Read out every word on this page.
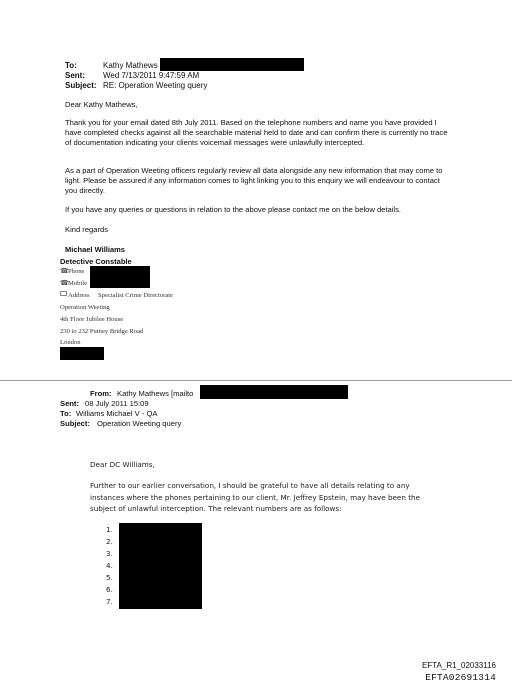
To:	Kathy Mathews
Sent: Wed 7/13/2011 9:47:59 AM
Subject: RE: Operation Weeting query

Dear Kathy Mathews,

Thank you for your email dated 8th July 2011. Based on the telephone numbers and name you have provided I have completed checks against all the searchable material held to date and can confirm there is currently no trace of documentation indicating your clients voicemail messages were unlawfully intercepted.

As a part of Operation Weeting officers regularly review all data alongside any new information that may come to light. Please be assured if any information comes to light linking you to this enquiry we will endeavour to contact you directly.

If you have any queries or questions in relation to the above please contact me on the below details.

Kind regards

Michael Williams
Detective Constable
☎ Phone
☎ Mobile
Address Specialist Crime Directorate
Operation Weeting
4th Floor Jubilee House
230 to 232 Putney Bridge Road
London
From: Kathy Mathews [mailto
Sent: 08 July 2011 15:09
To: Williams Michael V - QA
Subject: Operation Weeting query

Dear DC Williams,

Further to our earlier conversation, I should be grateful to have all details relating to any instances where the phones pertaining to our client, Mr. Jeffrey Epstein, may have been the subject of unlawful interception. The relevant numbers are as follows:

1.
2.
3.
4.
5.
6.
7.
EFTA_R1_02033116
EFTA02691314
